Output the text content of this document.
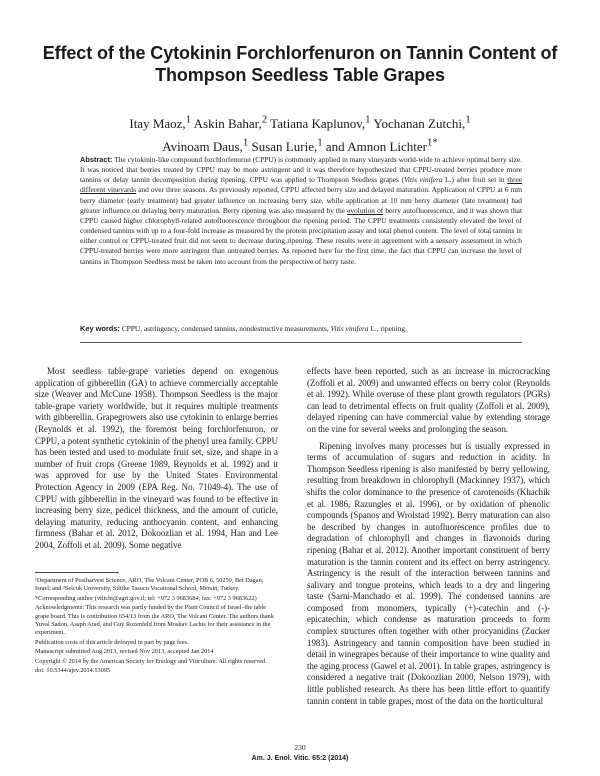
Effect of the Cytokinin Forchlorfenuron on Tannin Content of Thompson Seedless Table Grapes
Itay Maoz,$^1$ Askin Bahar,$^2$ Tatiana Kaplunov,$^1$ Yochanan Zutchi,$^1$
Avinoam Daus,$^1$ Susan Lurie,$^1$ and Amnon Lichter$^{1*}$
Abstract: The cytokinin-like compound forchlorfenuron (CPPU) is commonly applied in many vineyards world-wide to achieve optimal berry size. It was noticed that berries treated by CPPU may be more astringent and it was therefore hypothesized that CPPU-treated berries produce more tannins or delay tannin decomposition during ripening. CPPU was applied to Thompson Seedless grapes (Vitis vinifera L.) after fruit set in three different vineyards and over three seasons. As previously reported, CPPU affected berry size and delayed maturation. Application of CPPU at 6 mm berry diameter (early treatment) had greater influence on increasing berry size, while application at 10 mm berry diameter (late treatment) had greater influence on delaying berry maturation. Berry ripening was also measured by the evolution of berry autofluorescence, and it was shown that CPPU caused higher chlorophyll-related autofluorescence throughout the ripening period. The CPPU treatments consistently elevated the level of condensed tannins with up to a four-fold increase as measured by the protein precipitation assay and total phenol content. The level of total tannins in either control or CPPU-treated fruit did not seem to decrease during ripening. These results were in agreement with a sensory assessment in which CPPU-treated berries were more astringent than untreated berries. As reported here for the first time, the fact that CPPU can increase the level of tannins in Thompson Seedless must be taken into account from the perspective of berry taste.
Key words: CPPU, astringency, condensed tannins, nondestructive measurements, Vitis vinifera L., ripening

Most seedless table-grape varieties depend on exogenous application of gibberellin (GA) to achieve commercially acceptable size (Weaver and McCune 1958). Thompson Seedless is the major table-grape variety worldwide, but it requires multiple treatments with gibberellin. Grapegrowers also use cytokinin to enlarge berries (Reynolds et al. 1992), the foremost being forchlorfenuron, or CPPU, a potent synthetic cytokinin of the phenyl urea family. CPPU has been tested and used to modulate fruit set, size, and shape in a number of fruit crops (Greene 1989, Reynolds et al. 1992) and it was approved for use by the United States Environmental Protection Agency in 2009 (EPA Reg. No. 71049-4). The use of CPPU with gibberellin in the vineyard was found to be effective in increasing berry size, pedicel thickness, and the amount of cuticle, delaying maturity, reducing anthocyanin content, and enhancing firmness (Bahar et al. 2012, Dokoozlian et al. 1994, Han and Lee 2004, Zoffoli et al. 2009). Some negative

effects have been reported, such as an increase in microcracking (Zoffoli et al. 2009) and unwanted effects on berry color (Reynolds et al. 1992). While overuse of these plant growth regulators (PGRs) can lead to detrimental effects on fruit quality (Zoffoli et al. 2009), delayed ripening can have commercial value by extending storage on the vine for several weeks and prolonging the season.

Ripening involves many processes but is usually expressed in terms of accumulation of sugars and reduction in acidity. In Thompson Seedless ripening is also manifested by berry yellowing, resulting from breakdown in chlorophyll (Mackinney 1937), which shifts the color dominance to the presence of carotenoids (Khachik et al. 1986, Razungles et al. 1996), or by oxidation of phenolic compounds (Spanos and Wrolstad 1992). Berry maturation can also be described by changes in autofluorescence profiles due to degradation of chlorophyll and changes in flavonoids during ripening (Bahar et al. 2012). Another important constituent of berry maturation is the tannin content and its effect on berry astringency. Astringency is the result of the interaction between tannins and salivary and tongue proteins, which leads to a dry and lingering taste (Sarni-Manchado et al. 1999). The condensed tannins are composed from monomers, typically (+)-catechin and (-)-epicatechin, which condense as maturation proceeds to form complex structures often together with other procyanidins (Zucker 1983). Astringency and tannin composition have been studied in detail in winegrapes because of their importance to wine quality and the aging process (Gawel et al. 2001). In table grapes, astringency is considered a negative trait (Dokoozlian 2000, Nelson 1979), with little published research. As there has been little effort to quantify tannin content in table grapes, most of the data on the horticultural

¹Department of Postharvest Science, ARO, The Volcani Center, POB 6, 50250, Bet Dagan, Israel; and ²Selcuk University, Silifke Tasucu Vocational School, Mersin, Turkey.

*Corresponding author (vtlicht@agri.gov.il; tel: +972 3 9683684; fax: +972 3 9683622)

Acknowledgments: This research was partly funded by the Plant Council of Israel–the table grape board. This is contribution 654/13 from the ARO, The Volcani Center. The authors thank Yuval Sadon, Asaph Arad, and Guy Rozenfeld from Moshav Lachis for their assistance in the experiment.

Publication costs of this article defrayed in part by page fees.

Manuscript submitted Aug 2013, revised Nov 2013, accepted Jan 2014

Copyright © 2014 by the American Society for Enology and Viticulture. All rights reserved.

doi: 10.5344/ajev.2014.13095

230
Am. J. Enol. Vitic. 65:2 (2014)
